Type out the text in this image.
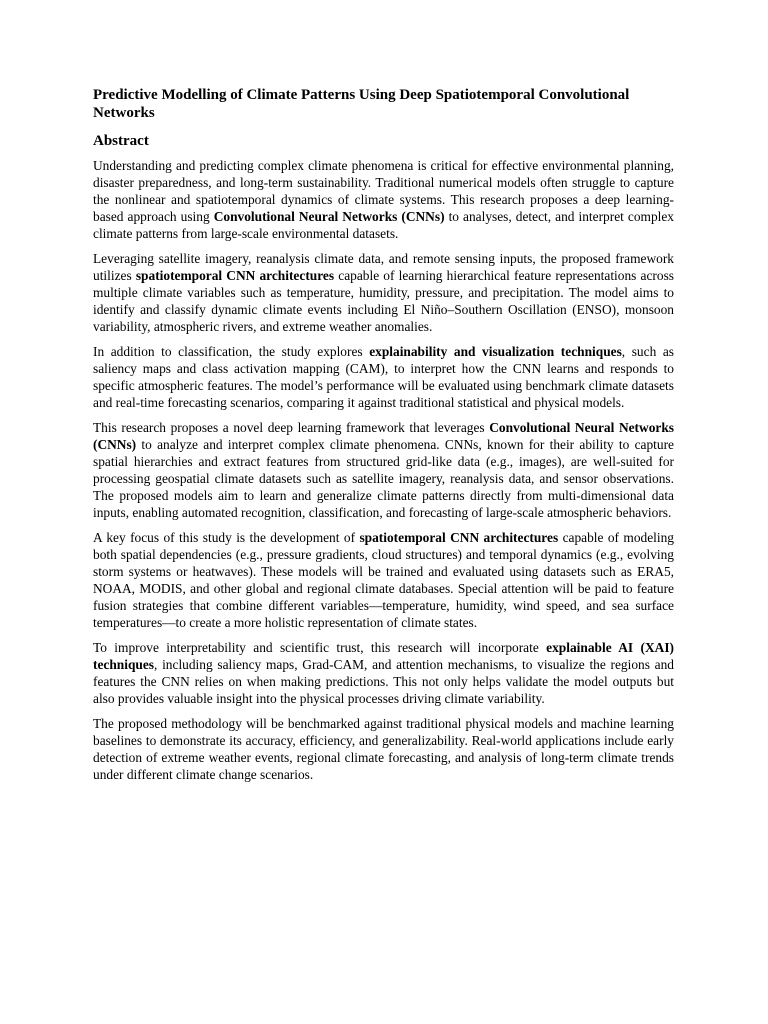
Predictive Modelling of Climate Patterns Using Deep Spatiotemporal Convolutional Networks
Abstract

Understanding and predicting complex climate phenomena is critical for effective environmental planning, disaster preparedness, and long-term sustainability. Traditional numerical models often struggle to capture the nonlinear and spatiotemporal dynamics of climate systems. This research proposes a deep learning-based approach using Convolutional Neural Networks (CNNs) to analyses, detect, and interpret complex climate patterns from large-scale environmental datasets.

Leveraging satellite imagery, reanalysis climate data, and remote sensing inputs, the proposed framework utilizes spatiotemporal CNN architectures capable of learning hierarchical feature representations across multiple climate variables such as temperature, humidity, pressure, and precipitation. The model aims to identify and classify dynamic climate events including El Niño–Southern Oscillation (ENSO), monsoon variability, atmospheric rivers, and extreme weather anomalies.

In addition to classification, the study explores explainability and visualization techniques, such as saliency maps and class activation mapping (CAM), to interpret how the CNN learns and responds to specific atmospheric features. The model’s performance will be evaluated using benchmark climate datasets and real-time forecasting scenarios, comparing it against traditional statistical and physical models.

This research proposes a novel deep learning framework that leverages Convolutional Neural Networks (CNNs) to analyze and interpret complex climate phenomena. CNNs, known for their ability to capture spatial hierarchies and extract features from structured grid-like data (e.g., images), are well-suited for processing geospatial climate datasets such as satellite imagery, reanalysis data, and sensor observations. The proposed models aim to learn and generalize climate patterns directly from multi-dimensional data inputs, enabling automated recognition, classification, and forecasting of large-scale atmospheric behaviors.

A key focus of this study is the development of spatiotemporal CNN architectures capable of modeling both spatial dependencies (e.g., pressure gradients, cloud structures) and temporal dynamics (e.g., evolving storm systems or heatwaves). These models will be trained and evaluated using datasets such as ERA5, NOAA, MODIS, and other global and regional climate databases. Special attention will be paid to feature fusion strategies that combine different variables—temperature, humidity, wind speed, and sea surface temperatures—to create a more holistic representation of climate states.

To improve interpretability and scientific trust, this research will incorporate explainable AI (XAI) techniques, including saliency maps, Grad-CAM, and attention mechanisms, to visualize the regions and features the CNN relies on when making predictions. This not only helps validate the model outputs but also provides valuable insight into the physical processes driving climate variability.

The proposed methodology will be benchmarked against traditional physical models and machine learning baselines to demonstrate its accuracy, efficiency, and generalizability. Real-world applications include early detection of extreme weather events, regional climate forecasting, and analysis of long-term climate trends under different climate change scenarios.
